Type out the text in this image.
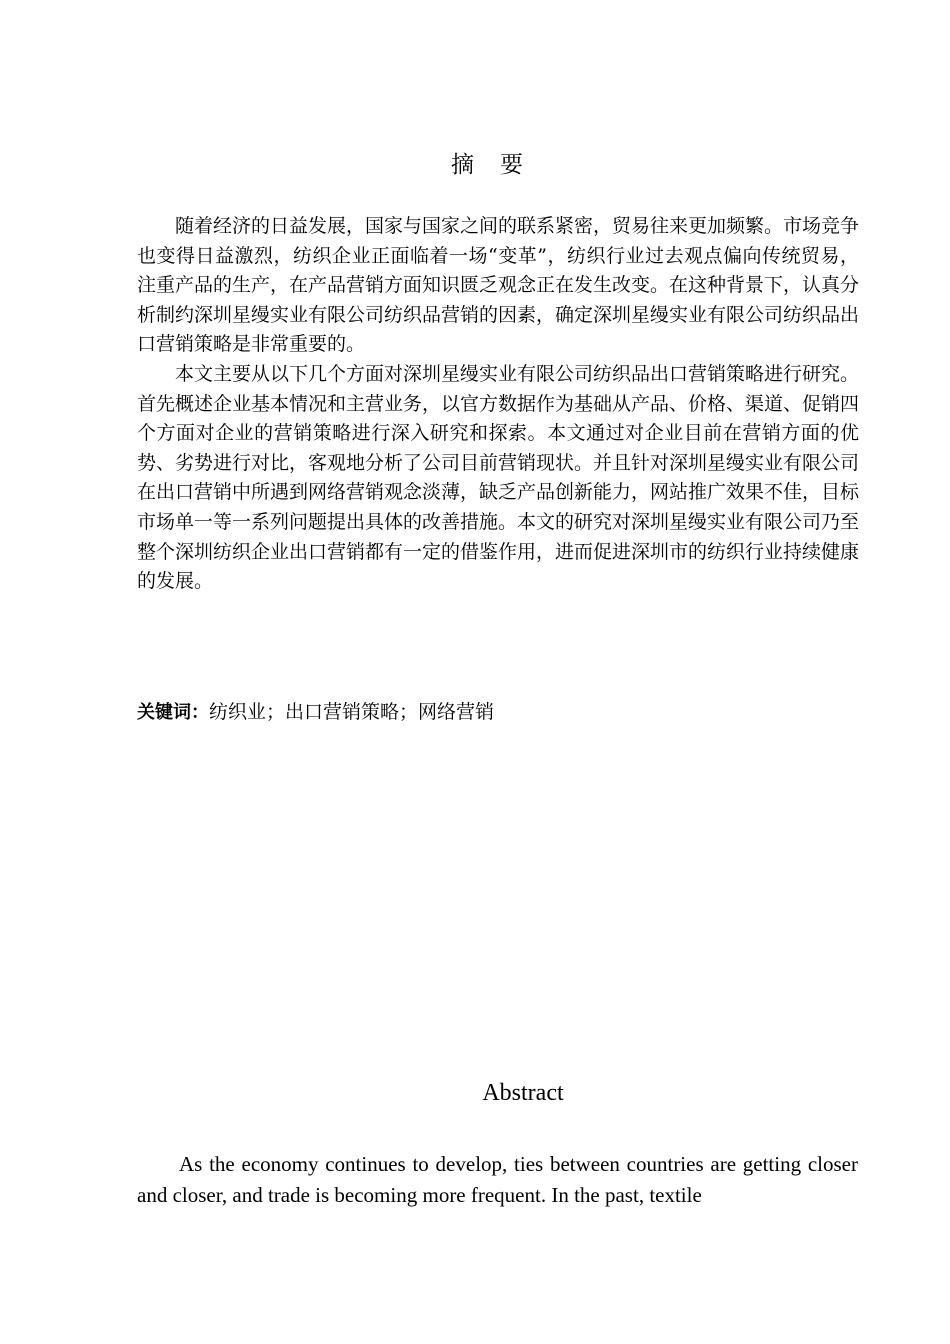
摘要

随着经济的日益发展，国家与国家之间的联系紧密，贸易往来更加频繁。市场竞争也变得日益激烈，纺织企业正面临着一场“变革”，纺织行业过去观点偏向传统贸易，注重产品的生产，在产品营销方面知识匮乏观念正在发生改变。在这种背景下，认真分析制约深圳星缦实业有限公司纺织品营销的因素，确定深圳星缦实业有限公司纺织品出口营销策略是非常重要的。

本文主要从以下几个方面对深圳星缦实业有限公司纺织品出口营销策略进行研究。首先概述企业基本情况和主营业务，以官方数据作为基础从产品、价格、渠道、促销四个方面对企业的营销策略进行深入研究和探索。本文通过对企业目前在营销方面的优势、劣势进行对比，客观地分析了公司目前营销现状。并且针对深圳星缦实业有限公司在出口营销中所遇到网络营销观念淡薄，缺乏产品创新能力，网站推广效果不佳，目标市场单一等一系列问题提出具体的改善措施。本文的研究对深圳星缦实业有限公司乃至整个深圳纺织企业出口营销都有一定的借鉴作用，进而促进深圳市的纺织行业持续健康的发展。

关键词：纺织业；出口营销策略；网络营销
Abstract

As the economy continues to develop, ties between countries are getting closer and closer, and trade is becoming more frequent. In the past, textile
